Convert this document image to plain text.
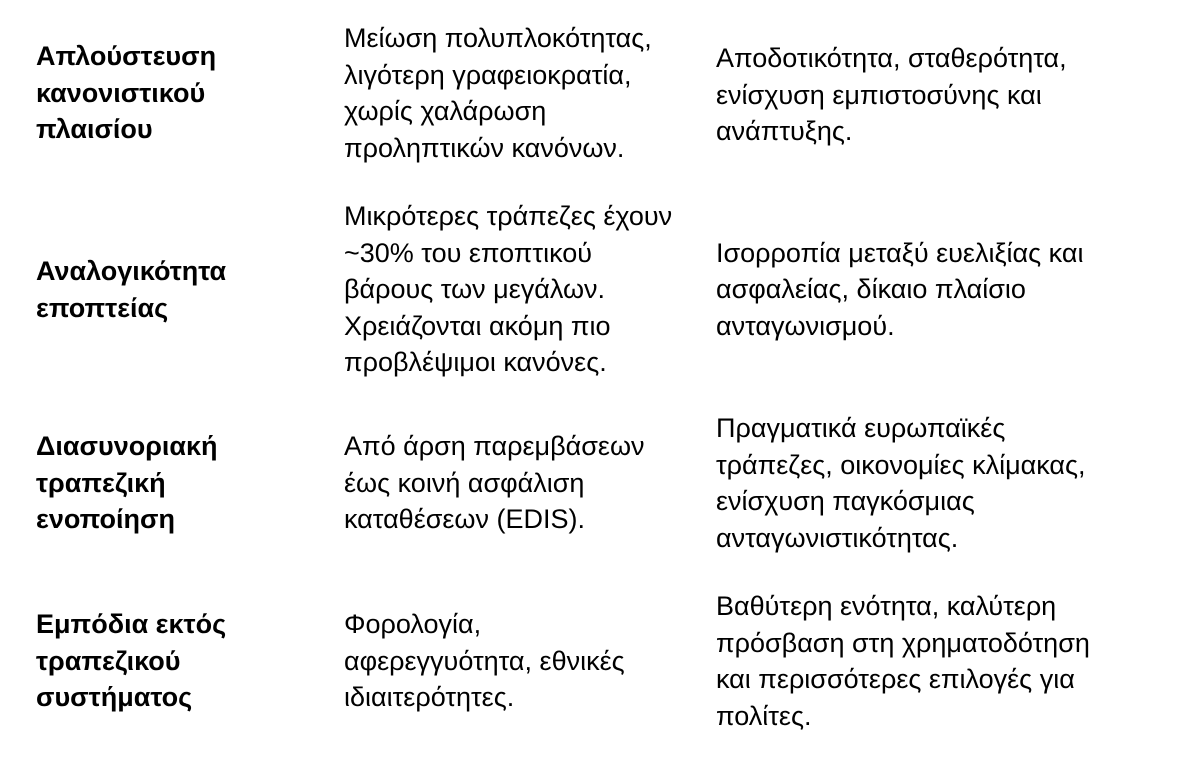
Απλούστευση
κανονιστικού
πλαισίου
Μείωση πολυπλοκότητας,
λιγότερη γραφειοκρατία,
χωρίς χαλάρωση
προληπτικών κανόνων.
Αποδοτικότητα, σταθερότητα,
ενίσχυση εμπιστοσύνης και
ανάπτυξης.
Αναλογικότητα
εποπτείας
Μικρότερες τράπεζες έχουν
~30% του εποπτικού
βάρους των μεγάλων.
Χρειάζονται ακόμη πιο
προβλέψιμοι κανόνες.
Ισορροπία μεταξύ ευελιξίας και
ασφαλείας, δίκαιο πλαίσιο
ανταγωνισμού.
Διασυνοριακή
τραπεζική
ενοποίηση
Από άρση παρεμβάσεων
έως κοινή ασφάλιση
καταθέσεων (EDIS).
Πραγματικά ευρωπαϊκές
τράπεζες, οικονομίες κλίμακας,
ενίσχυση παγκόσμιας
ανταγωνιστικότητας.
Εμπόδια εκτός
τραπεζικού
συστήματος
Φορολογία,
αφερεγγυότητα, εθνικές
ιδιαιτερότητες.
Βαθύτερη ενότητα, καλύτερη
πρόσβαση στη χρηματοδότηση
και περισσότερες επιλογές για
πολίτες.
